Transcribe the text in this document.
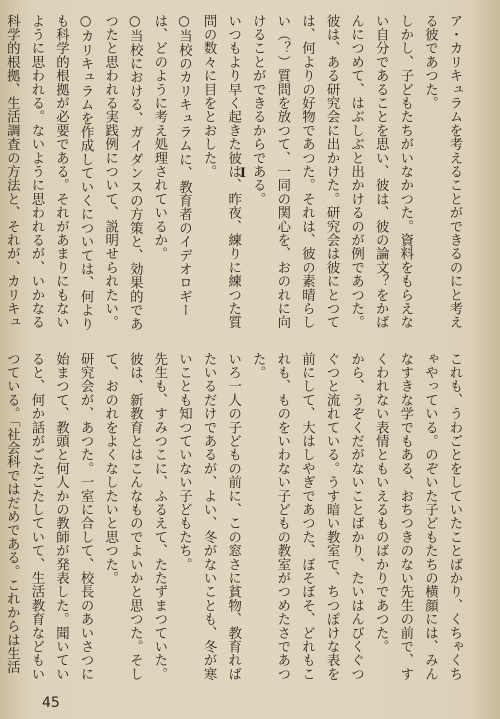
ア・カリキュラムを考えることができるのにと考える彼であつた。
しかし、子どもたちがいなかつた。資料をもらえない自分であることを思い、彼は、彼の論文？をかばんにつめて、はぶしぶと出かけるのが例であつた。
彼は、ある研究会に出かけた。研究会は彼にとつては、何よりの好物であつた。それは、彼の素晴らしい（？）質問を放つて、一同の関心を、おのれに向けることができるからである。
いつもより早く起きた彼は、昨夜、練りに練つた質問の数々に目をとおした。
○当校のカリキュラムに、教育者のイデオロギーは、どのように考え処理されているか。
○当校における、ガイダンスの方策と、効果的であつたと思われる実践例について、説明せられたい。
○カリキュラムを作成していくについては、何よりも科学的根拠が必要である。それがあまりにもないように思われる。ないように思われるが、いかなる科学的根拠、生活調査の方法と、それが、カリキュ

I
これも、うわごとをしていたことばかり、くちゃくちゃやっている。のぞいた子どもたちの横顔には、みんなすきな学でもある、おちつきのない先生の前で、すくわれない表情ともいえるものばかりであつた。
から、うぞくだがないことばかり、たいはんびくぐつぐつと流れている。うす暗い教室で、ちつぽけな表を前にして、大はしやぎであつた、ぼそぼそ、どれもこれも、ものをいわない子どもの教室がつめたさであつた。
いろ一人の子どもの前に、この窓さに貧物、教育ればたいるだけであるが、よい、冬がないことも、冬が寒いことも知つていない子どもたち。
先生も、すみつこに、ふるえて、たたずまつていた。
彼は、新教育とはこんなものでよいかと思つた。そして、おのれをよくなしたいと思つた。
研究会が、あつた。一室に合して、校長のあいさつに始まつて、教頭と何人かの教師が発表した。聞いていると、何か話がごたごたしていて、生活教育などもいつている。「社会科ではだめである。これからは生活

45
